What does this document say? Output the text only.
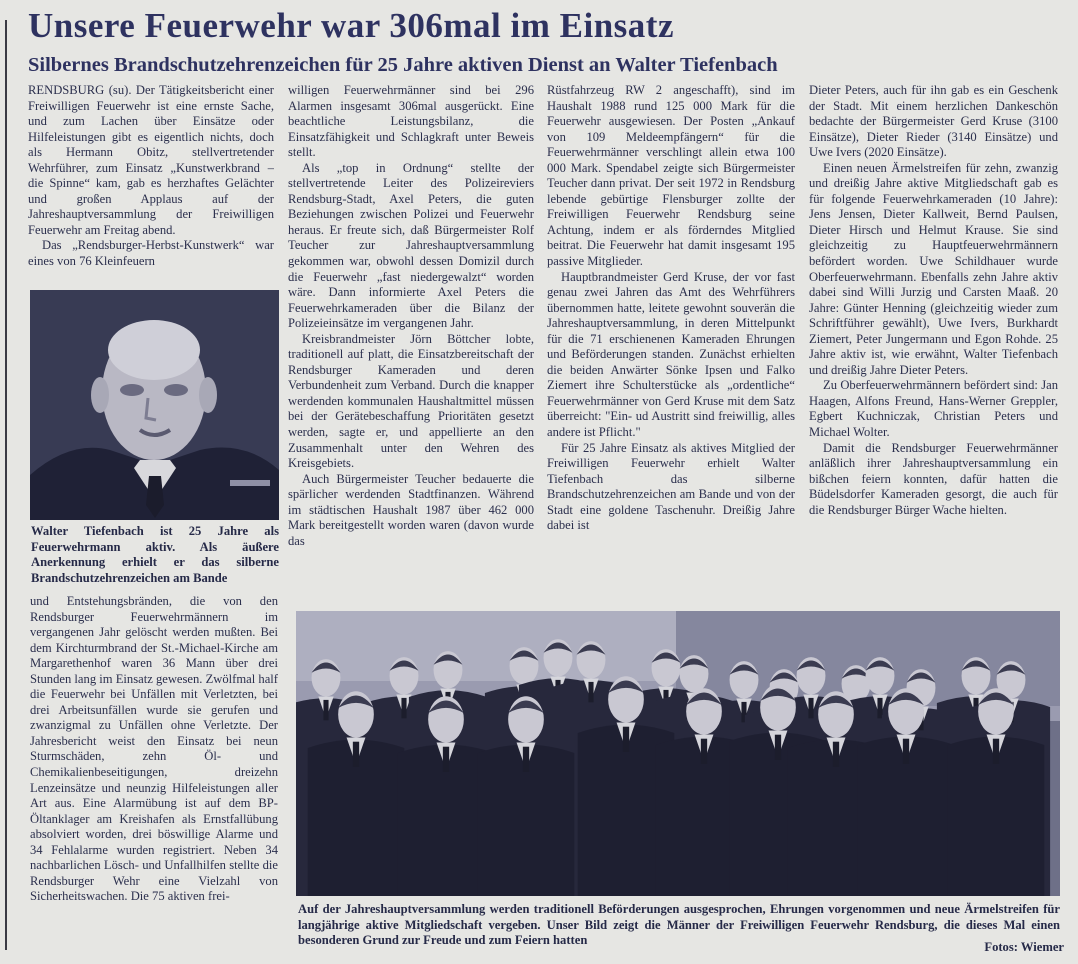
Unsere Feuerwehr war 306mal im Einsatz
Silbernes Brandschutzehrenzeichen für 25 Jahre aktiven Dienst an Walter Tiefenbach

RENDSBURG (su). Der Tätigkeitsbericht einer Freiwilligen Feuerwehr ist eine ernste Sache, und zum Lachen über Einsätze oder Hilfeleistungen gibt es eigentlich nichts, doch als Hermann Obitz, stellvertretender Wehrführer, zum Einsatz „Kunstwerkbrand – die Spinne“ kam, gab es herzhaftes Gelächter und großen Applaus auf der Jahreshauptversammlung der Freiwilligen Feuerwehr am Freitag abend.

Das „Rendsburger-Herbst-Kunstwerk“ war eines von 76 Kleinfeuern

Walter Tiefenbach ist 25 Jahre als Feuerwehrmann aktiv. Als äußere Anerkennung erhielt er das silberne Brandschutzehrenzeichen am Bande

und Entstehungsbränden, die von den Rendsburger Feuerwehrmännern im vergangenen Jahr gelöscht werden mußten. Bei dem Kirchturmbrand der St.-Michael-Kirche am Margarethenhof waren 36 Mann über drei Stunden lang im Einsatz gewesen. Zwölfmal half die Feuerwehr bei Unfällen mit Verletzten, bei drei Arbeitsunfällen wurde sie gerufen und zwanzigmal zu Unfällen ohne Verletzte. Der Jahresbericht weist den Einsatz bei neun Sturmschäden, zehn Öl- und Chemikalienbeseitigungen, dreizehn Lenzeinsätze und neunzig Hilfeleistungen aller Art aus. Eine Alarmübung ist auf dem BP-Öltanklager am Kreishafen als Ernstfallübung absolviert worden, drei böswillige Alarme und 34 Fehlalarme wurden registriert. Neben 34 nachbarlichen Lösch- und Unfallhilfen stellte die Rendsburger Wehr eine Vielzahl von Sicherheitswachen. Die 75 aktiven frei-

willigen Feuerwehrmänner sind bei 296 Alarmen insgesamt 306mal ausgerückt. Eine beachtliche Leistungsbilanz, die Einsatzfähigkeit und Schlagkraft unter Beweis stellt.

Als „top in Ordnung“ stellte der stellvertretende Leiter des Polizeireviers Rendsburg-Stadt, Axel Peters, die guten Beziehungen zwischen Polizei und Feuerwehr heraus. Er freute sich, daß Bürgermeister Rolf Teucher zur Jahreshauptversammlung gekommen war, obwohl dessen Domizil durch die Feuerwehr „fast niedergewalzt“ worden wäre. Dann informierte Axel Peters die Feuerwehrkameraden über die Bilanz der Polizeieinsätze im vergangenen Jahr.

Kreisbrandmeister Jörn Böttcher lobte, traditionell auf platt, die Einsatzbereitschaft der Rendsburger Kameraden und deren Verbundenheit zum Verband. Durch die knapper werdenden kommunalen Haushaltmittel müssen bei der Gerätebeschaffung Prioritäten gesetzt werden, sagte er, und appellierte an den Zusammenhalt unter den Wehren des Kreisgebiets.

Auch Bürgermeister Teucher bedauerte die spärlicher werdenden Stadtfinanzen. Während im städtischen Haushalt 1987 über 462 000 Mark bereitgestellt worden waren (davon wurde das

Rüstfahrzeug RW 2 angeschafft), sind im Haushalt 1988 rund 125 000 Mark für die Feuerwehr ausgewiesen. Der Posten „Ankauf von 109 Meldeempfängern“ für die Feuerwehrmänner verschlingt allein etwa 100 000 Mark. Spendabel zeigte sich Bürgermeister Teucher dann privat. Der seit 1972 in Rendsburg lebende gebürtige Flensburger zollte der Freiwilligen Feuerwehr Rendsburg seine Achtung, indem er als förderndes Mitglied beitrat. Die Feuerwehr hat damit insgesamt 195 passive Mitglieder.

Hauptbrandmeister Gerd Kruse, der vor fast genau zwei Jahren das Amt des Wehrführers übernommen hatte, leitete gewohnt souverän die Jahreshauptversammlung, in deren Mittelpunkt für die 71 erschienenen Kameraden Ehrungen und Beförderungen standen. Zunächst erhielten die beiden Anwärter Sönke Ipsen und Falko Ziemert ihre Schulterstücke als „ordentliche“ Feuerwehrmänner von Gerd Kruse mit dem Satz überreicht: "Ein- ud Austritt sind freiwillig, alles andere ist Pflicht."

Für 25 Jahre Einsatz als aktives Mitglied der Freiwilligen Feuerwehr erhielt Walter Tiefenbach das silberne Brandschutzehrenzeichen am Bande und von der Stadt eine goldene Taschenuhr. Dreißig Jahre dabei ist

Dieter Peters, auch für ihn gab es ein Geschenk der Stadt. Mit einem herzlichen Dankeschön bedachte der Bürgermeister Gerd Kruse (3100 Einsätze), Dieter Rieder (3140 Einsätze) und Uwe Ivers (2020 Einsätze).

Einen neuen Ärmelstreifen für zehn, zwanzig und dreißig Jahre aktive Mitgliedschaft gab es für folgende Feuerwehrkameraden (10 Jahre): Jens Jensen, Dieter Kallweit, Bernd Paulsen, Dieter Hirsch und Helmut Krause. Sie sind gleichzeitig zu Hauptfeuerwehrmännern befördert worden. Uwe Schildhauer wurde Oberfeuerwehrmann. Ebenfalls zehn Jahre aktiv dabei sind Willi Jurzig und Carsten Maaß. 20 Jahre: Günter Henning (gleichzeitig wieder zum Schriftführer gewählt), Uwe Ivers, Burkhardt Ziemert, Peter Jungermann und Egon Rohde. 25 Jahre aktiv ist, wie erwähnt, Walter Tiefenbach und dreißig Jahre Dieter Peters.

Zu Oberfeuerwehrmännern befördert sind: Jan Haagen, Alfons Freund, Hans-Werner Greppler, Egbert Kuchniczak, Christian Peters und Michael Wolter.

Damit die Rendsburger Feuerwehrmänner anläßlich ihrer Jahreshauptversammlung ein bißchen feiern konnten, dafür hatten die Büdelsdorfer Kameraden gesorgt, die auch für die Rendsburger Bürger Wache hielten.

Auf der Jahreshauptversammlung werden traditionell Beförderungen ausgesprochen, Ehrungen vorgenommen und neue Ärmelstreifen für langjährige aktive Mitgliedschaft vergeben. Unser Bild zeigt die Männer der Freiwilligen Feuerwehr Rendsburg, die dieses Mal einen besonderen Grund zur Freude und zum Feiern hatten	Fotos: Wiemer
